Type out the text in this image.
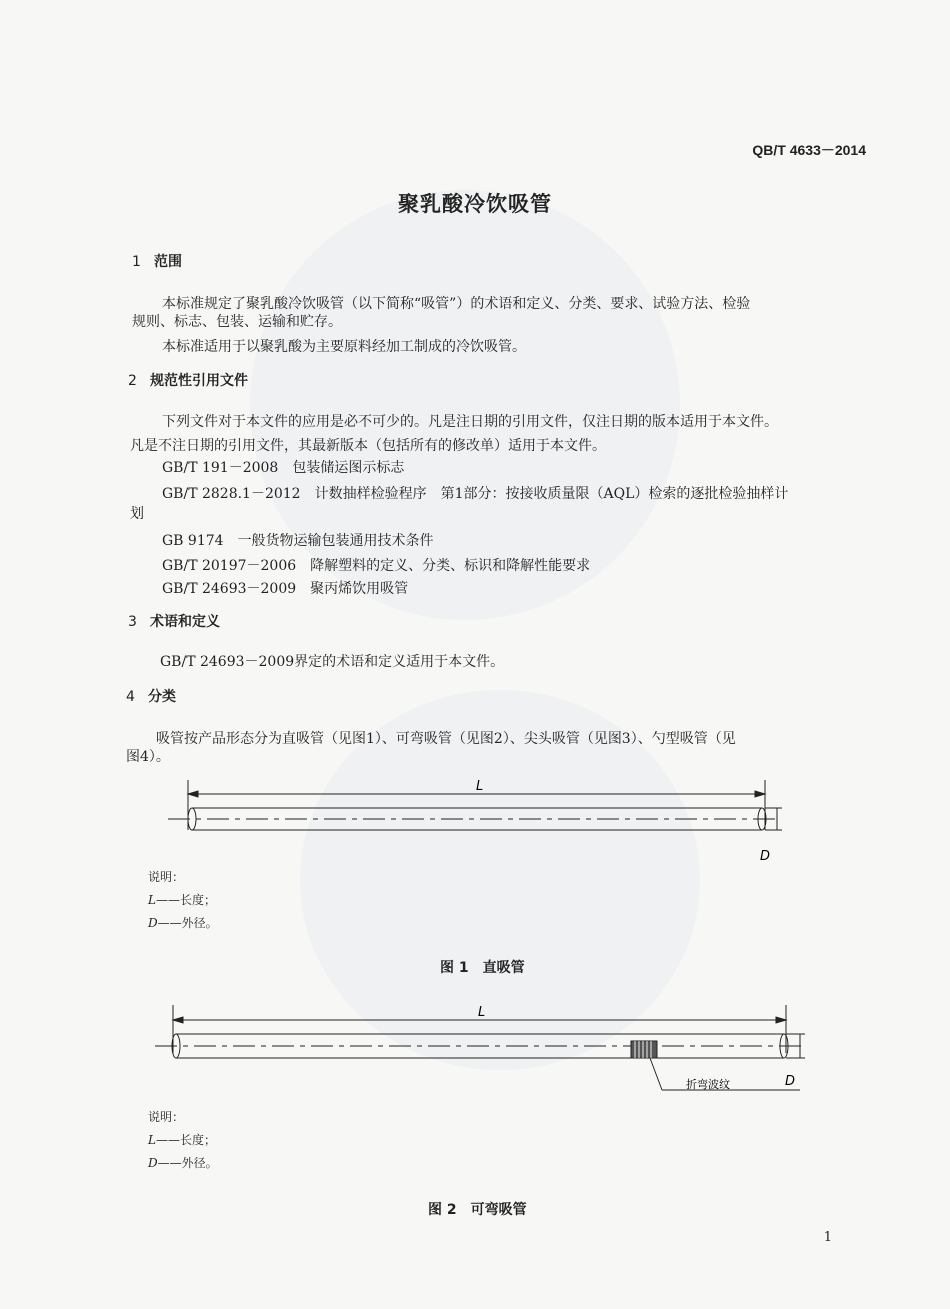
QB/T 4633－2014
聚乳酸冷饮吸管
1 范围
本标准规定了聚乳酸冷饮吸管（以下简称“吸管”）的术语和定义、分类、要求、试验方法、检验
规则、标志、包装、运输和贮存。
本标准适用于以聚乳酸为主要原料经加工制成的冷饮吸管。
2 规范性引用文件
下列文件对于本文件的应用是必不可少的。凡是注日期的引用文件，仅注日期的版本适用于本文件。
凡是不注日期的引用文件，其最新版本（包括所有的修改单）适用于本文件。
GB/T 191－2008　 包装储运图示标志
GB/T 2828.1－2012　 计数抽样检验程序　第1部分：按接收质量限（AQL）检索的逐批检验抽样计
划
GB 9174　 一般货物运输包装通用技术条件
GB/T 20197－2006　 降解塑料的定义、分类、标识和降解性能要求
GB/T 24693－2009　 聚丙烯饮用吸管
3 术语和定义
GB/T 24693－2009界定的术语和定义适用于本文件。
4 分类
吸管按产品形态分为直吸管（见图1）、可弯吸管（见图2）、尖头吸管（见图3）、勺型吸管（见
图4）。
L
D
说明：
L——长度；
D——外径。
图 1　直吸管
L
D
折弯波纹
说明：
L——长度；
D——外径。
图 2　可弯吸管
1
